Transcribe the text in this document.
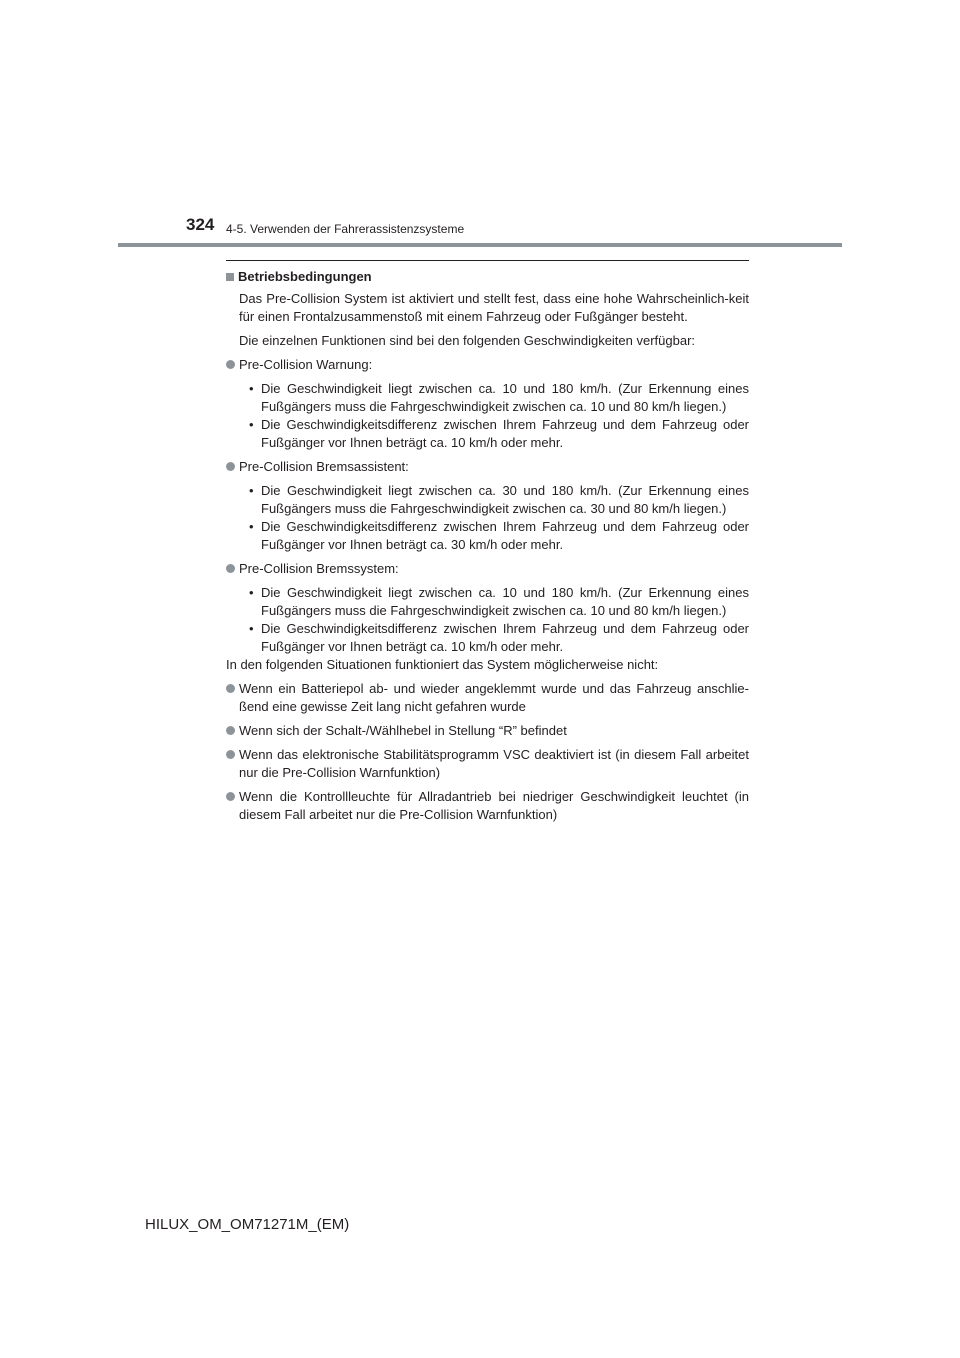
324 4-5. Verwenden der Fahrerassistenzsysteme
Betriebsbedingungen

Das Pre-Collision System ist aktiviert und stellt fest, dass eine hohe Wahrscheinlich-keit für einen Frontalzusammenstoß mit einem Fahrzeug oder Fußgänger besteht.

Die einzelnen Funktionen sind bei den folgenden Geschwindigkeiten verfügbar:

Pre-Collision Warnung:
• Die Geschwindigkeit liegt zwischen ca. 10 und 180 km/h. (Zur Erkennung eines Fußgängers muss die Fahrgeschwindigkeit zwischen ca. 10 und 80 km/h liegen.)
• Die Geschwindigkeitsdifferenz zwischen Ihrem Fahrzeug und dem Fahrzeug oder Fußgänger vor Ihnen beträgt ca. 10 km/h oder mehr.
Pre-Collision Bremsassistent:
• Die Geschwindigkeit liegt zwischen ca. 30 und 180 km/h. (Zur Erkennung eines Fußgängers muss die Fahrgeschwindigkeit zwischen ca. 30 und 80 km/h liegen.)
• Die Geschwindigkeitsdifferenz zwischen Ihrem Fahrzeug und dem Fahrzeug oder Fußgänger vor Ihnen beträgt ca. 30 km/h oder mehr.
Pre-Collision Bremssystem:
• Die Geschwindigkeit liegt zwischen ca. 10 und 180 km/h. (Zur Erkennung eines Fußgängers muss die Fahrgeschwindigkeit zwischen ca. 10 und 80 km/h liegen.)
• Die Geschwindigkeitsdifferenz zwischen Ihrem Fahrzeug und dem Fahrzeug oder Fußgänger vor Ihnen beträgt ca. 10 km/h oder mehr.

In den folgenden Situationen funktioniert das System möglicherweise nicht:

Wenn ein Batteriepol ab- und wieder angeklemmt wurde und das Fahrzeug anschlie-ßend eine gewisse Zeit lang nicht gefahren wurde
Wenn sich der Schalt-/Wählhebel in Stellung “R” befindet
Wenn das elektronische Stabilitätsprogramm VSC deaktiviert ist (in diesem Fall arbeitet nur die Pre-Collision Warnfunktion)
Wenn die Kontrollleuchte für Allradantrieb bei niedriger Geschwindigkeit leuchtet (in diesem Fall arbeitet nur die Pre-Collision Warnfunktion)
HILUX_OM_OM71271M_(EM)
